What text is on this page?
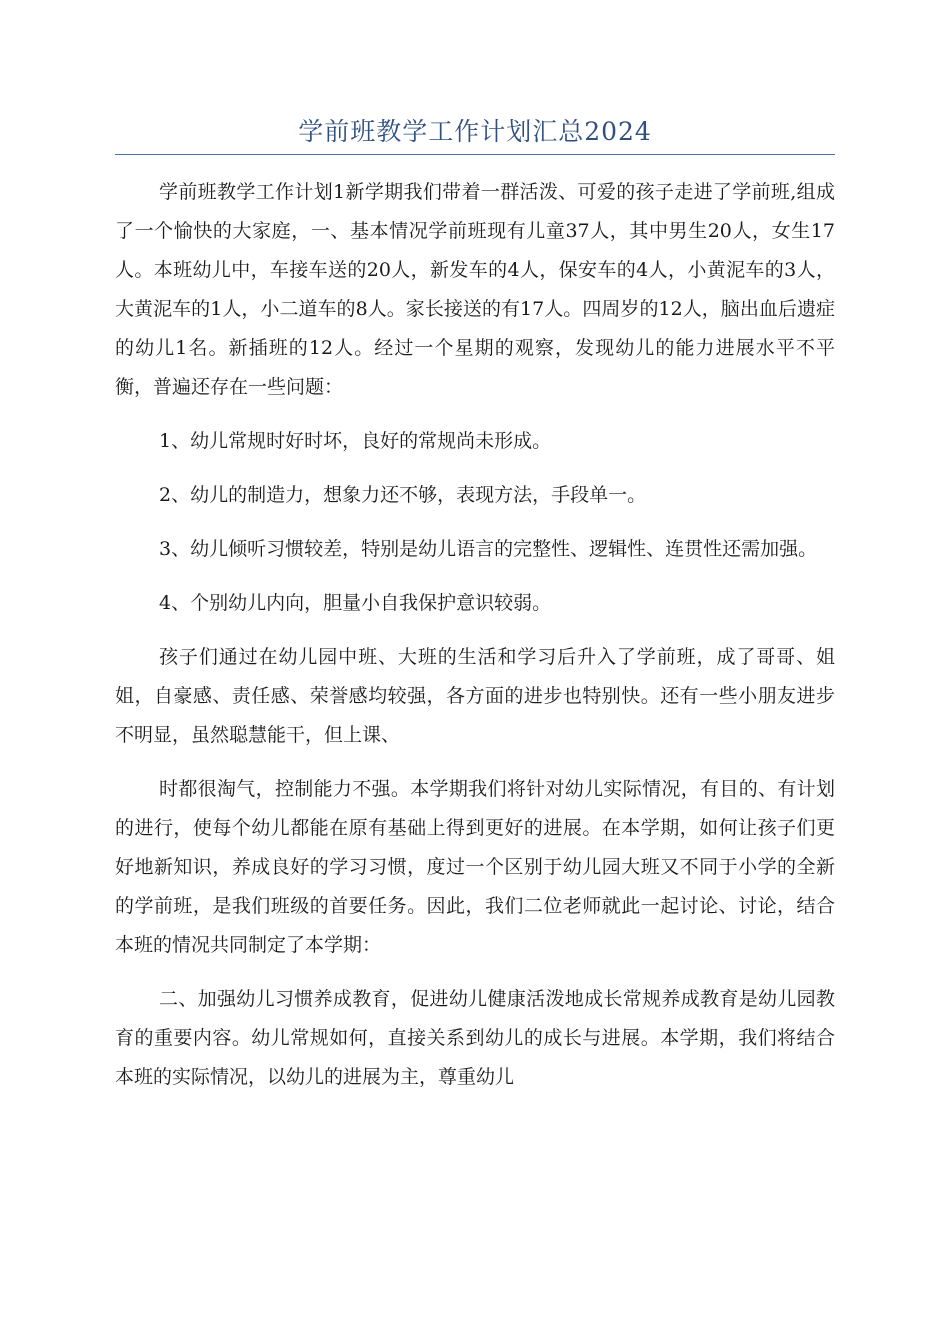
学前班教学工作计划汇总2024

学前班教学工作计划1新学期我们带着一群活泼、可爱的孩子走进了学前班,组成了一个愉快的大家庭，一、基本情况学前班现有儿童37人，其中男生20人，女生17人。本班幼儿中，车接车送的20人，新发车的4人，保安车的4人，小黄泥车的3人，大黄泥车的1人，小二道车的8人。家长接送的有17人。四周岁的12人，脑出血后遗症的幼儿1名。新插班的12人。经过一个星期的观察，发现幼儿的能力进展水平不平衡，普遍还存在一些问题：

1、幼儿常规时好时坏，良好的常规尚未形成。

2、幼儿的制造力，想象力还不够，表现方法，手段单一。

3、幼儿倾听习惯较差，特别是幼儿语言的完整性、逻辑性、连贯性还需加强。

4、个别幼儿内向，胆量小自我保护意识较弱。

孩子们通过在幼儿园中班、大班的生活和学习后升入了学前班，成了哥哥、姐姐，自豪感、责任感、荣誉感均较强，各方面的进步也特别快。还有一些小朋友进步不明显，虽然聪慧能干，但上课、

时都很淘气，控制能力不强。本学期我们将针对幼儿实际情况，有目的、有计划的进行，使每个幼儿都能在原有基础上得到更好的进展。在本学期，如何让孩子们更好地新知识，养成良好的学习习惯，度过一个区别于幼儿园大班又不同于小学的全新的学前班，是我们班级的首要任务。因此，我们二位老师就此一起讨论、讨论，结合本班的情况共同制定了本学期：

二、加强幼儿习惯养成教育，促进幼儿健康活泼地成长常规养成教育是幼儿园教育的重要内容。幼儿常规如何，直接关系到幼儿的成长与进展。本学期，我们将结合本班的实际情况，以幼儿的进展为主，尊重幼儿
